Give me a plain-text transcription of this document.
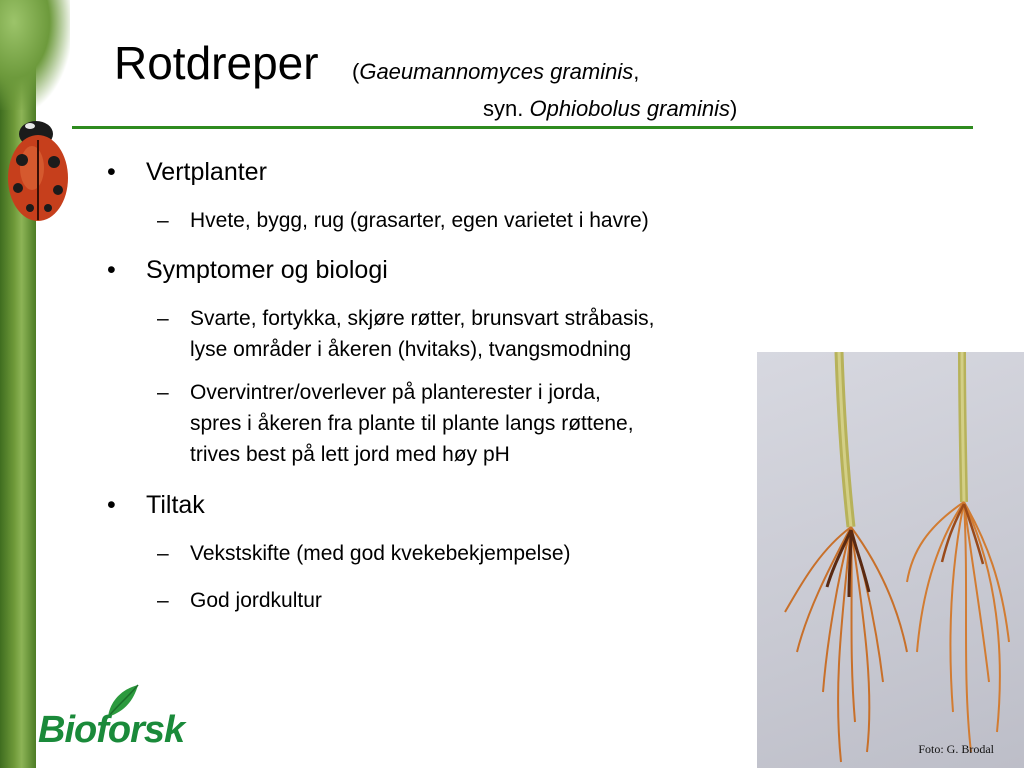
Rotdreper (Gaeumannomyces graminis,
syn. Ophiobolus graminis)
• Vertplanter
– Hvete, bygg, rug (grasarter, egen varietet i havre)
• Symptomer og biologi
– Svarte, fortykka, skjøre røtter, brunsvart stråbasis,
lyse områder i åkeren (hvitaks), tvangsmodning
– Overvintrer/overlever på planterester i jorda,
spres i åkeren fra plante til plante langs røttene,
trives best på lett jord med høy pH
• Tiltak
– Vekstskifte (med god kvekebekjempelse)
– God jordkultur
Foto: G. Brodal
Bioforsk
